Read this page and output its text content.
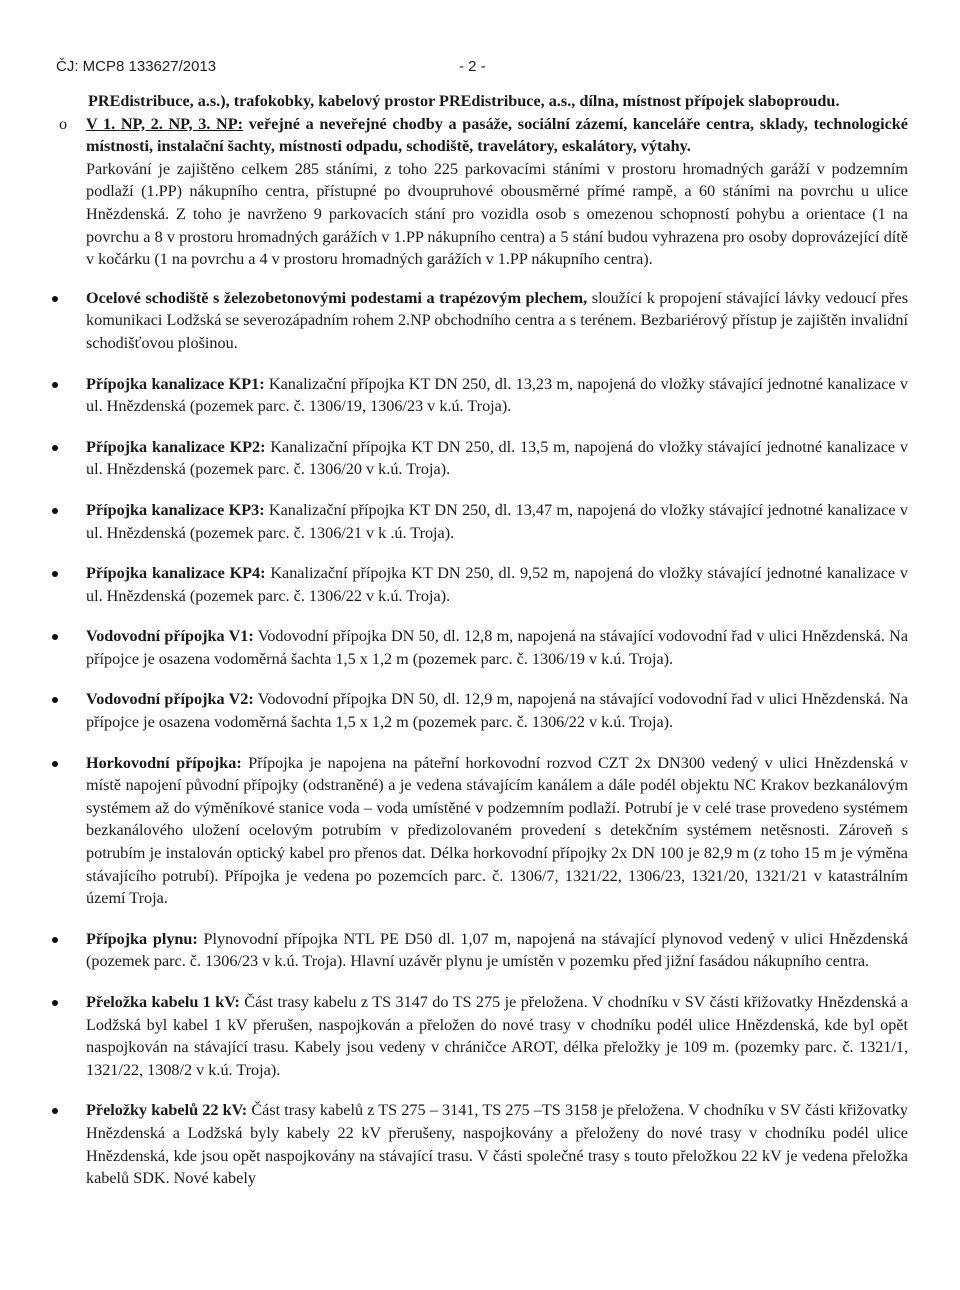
ČJ: MCP8 133627/2013	- 2 -

PREdistribuce, a.s.), trafokobky, kabelový prostor PREdistribuce, a.s., dílna, místnost přípojek slaboproudu.

o V 1. NP, 2. NP, 3. NP: veřejné a neveřejné chodby a pasáže, sociální zázemí, kanceláře centra, sklady, technologické místnosti, instalační šachty, místnosti odpadu, schodiště, travelátory, eskalátory, výtahy.

Parkování je zajištěno celkem 285 stáními, z toho 225 parkovacími stáními v prostoru hromadných garáží v podzemním podlaží (1.PP) nákupního centra, přístupné po dvoupruhové obousměrné přímé rampě, a 60 stáními na povrchu u ulice Hnězdenská. Z toho je navrženo 9 parkovacích stání pro vozidla osob s omezenou schopností pohybu a orientace (1 na povrchu a 8 v prostoru hromadných garážích v 1.PP nákupního centra) a 5 stání budou vyhrazena pro osoby doprovázející dítě v kočárku (1 na povrchu a 4 v prostoru hromadných garážích v 1.PP nákupního centra).

Ocelové schodiště s železobetonovými podestami a trapézovým plechem, sloužící k propojení stávající lávky vedoucí přes komunikaci Lodžská se severozápadním rohem 2.NP obchodního centra a s terénem. Bezbariérový přístup je zajištěn invalidní schodišťovou plošinou.
Přípojka kanalizace KP1: Kanalizační přípojka KT DN 250, dl. 13,23 m, napojená do vložky stávající jednotné kanalizace v ul. Hnězdenská (pozemek parc. č. 1306/19, 1306/23 v k.ú. Troja).
Přípojka kanalizace KP2: Kanalizační přípojka KT DN 250, dl. 13,5 m, napojená do vložky stávající jednotné kanalizace v ul. Hnězdenská (pozemek parc. č. 1306/20 v k.ú. Troja).
Přípojka kanalizace KP3: Kanalizační přípojka KT DN 250, dl. 13,47 m, napojená do vložky stávající jednotné kanalizace v ul. Hnězdenská (pozemek parc. č. 1306/21 v k .ú. Troja).
Přípojka kanalizace KP4: Kanalizační přípojka KT DN 250, dl. 9,52 m, napojená do vložky stávající jednotné kanalizace v ul. Hnězdenská (pozemek parc. č. 1306/22 v k.ú. Troja).
Vodovodní přípojka V1: Vodovodní přípojka DN 50, dl. 12,8 m, napojená na stávající vodovodní řad v ulici Hnězdenská. Na přípojce je osazena vodoměrná šachta 1,5 x 1,2 m (pozemek parc. č. 1306/19 v k.ú. Troja).
Vodovodní přípojka V2: Vodovodní přípojka DN 50, dl. 12,9 m, napojená na stávající vodovodní řad v ulici Hnězdenská. Na přípojce je osazena vodoměrná šachta 1,5 x 1,2 m (pozemek parc. č. 1306/22 v k.ú. Troja).
Horkovodní přípojka: Přípojka je napojena na páteřní horkovodní rozvod CZT 2x DN300 vedený v ulici Hnězdenská v místě napojení původní přípojky (odstraněné) a je vedena stávajícím kanálem a dále podél objektu NC Krakov bezkanálovým systémem až do výměníkové stanice voda – voda umístěné v podzemním podlaží. Potrubí je v celé trase provedeno systémem bezkanálového uložení ocelovým potrubím v předizolovaném provedení s detekčním systémem netěsnosti. Zároveň s potrubím je instalován optický kabel pro přenos dat. Délka horkovodní přípojky 2x DN 100 je 82,9 m (z toho 15 m je výměna stávajícího potrubí). Přípojka je vedena po pozemcích parc. č. 1306/7, 1321/22, 1306/23, 1321/20, 1321/21 v katastrálním území Troja.
Přípojka plynu: Plynovodní přípojka NTL PE D50 dl. 1,07 m, napojená na stávající plynovod vedený v ulici Hnězdenská (pozemek parc. č. 1306/23 v k.ú. Troja). Hlavní uzávěr plynu je umístěn v pozemku před jižní fasádou nákupního centra.
Přeložka kabelu 1 kV: Část trasy kabelu z TS 3147 do TS 275 je přeložena. V chodníku v SV části křižovatky Hnězdenská a Lodžská byl kabel 1 kV přerušen, naspojkován a přeložen do nové trasy v chodníku podél ulice Hnězdenská, kde byl opět naspojkován na stávající trasu. Kabely jsou vedeny v chráničce AROT, délka přeložky je 109 m. (pozemky parc. č. 1321/1, 1321/22, 1308/2 v k.ú. Troja).
Přeložky kabelů 22 kV: Část trasy kabelů z TS 275 – 3141, TS 275 –TS 3158 je přeložena. V chodníku v SV části křižovatky Hnězdenská a Lodžská byly kabely 22 kV přerušeny, naspojkovány a přeloženy do nové trasy v chodníku podél ulice Hnězdenská, kde jsou opět naspojkovány na stávající trasu. V části společné trasy s touto přeložkou 22 kV je vedena přeložka kabelů SDK. Nové kabely
